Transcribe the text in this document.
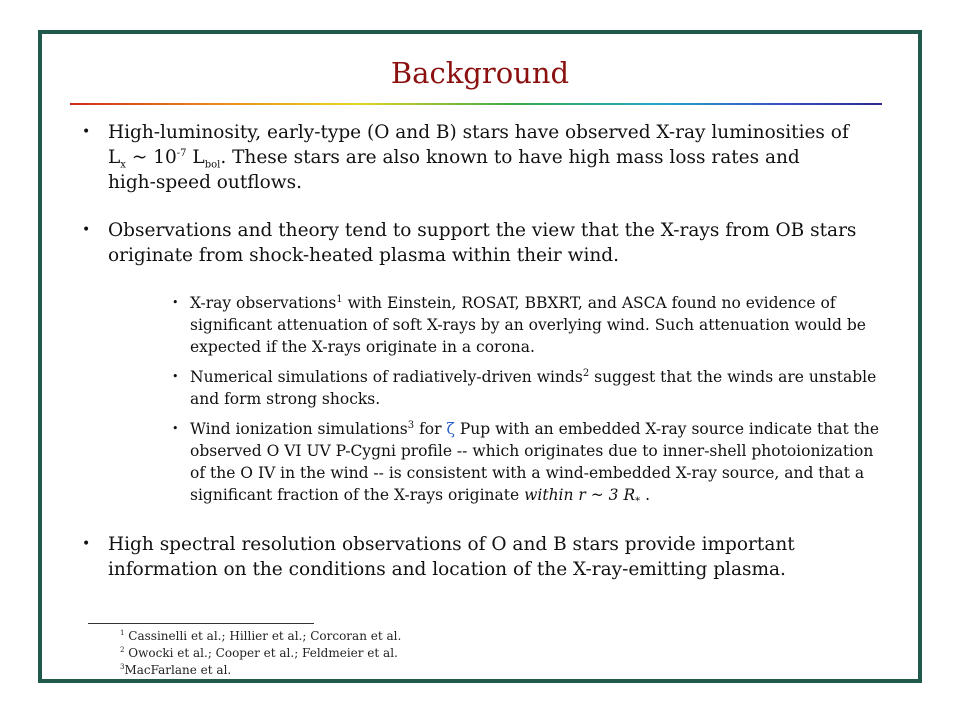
Background
• High-luminosity, early-type (O and B) stars have observed X-ray luminosities of
$L_x$ ~ $10^{-7}$ $L_{bol}$. These stars are also known to have high mass loss rates and
high-speed outflows.
• Observations and theory tend to support the view that the X-rays from OB stars originate from shock-heated plasma within their wind.
• X-ray observations$^1$ with Einstein, ROSAT, BBXRT, and ASCA found no evidence of significant attenuation of soft X-rays by an overlying wind. Such attenuation would be expected if the X-rays originate in a corona.
• Numerical simulations of radiatively-driven winds$^2$ suggest that the winds are unstable and form strong shocks.
• Wind ionization simulations$^3$ for ζ Pup with an embedded X-ray source indicate that the observed O VI UV P-Cygni profile -- which originates due to inner-shell photoionization of the O IV in the wind -- is consistent with a wind-embedded X-ray source, and that a significant fraction of the X-rays originate within r ~ 3 $R_*$ .
• High spectral resolution observations of O and B stars provide important information on the conditions and location of the X-ray-emitting plasma.
$^1$ Cassinelli et al.; Hillier et al.; Corcoran et al.
$^2$ Owocki et al.; Cooper et al.; Feldmeier et al.
$^3$MacFarlane et al.
